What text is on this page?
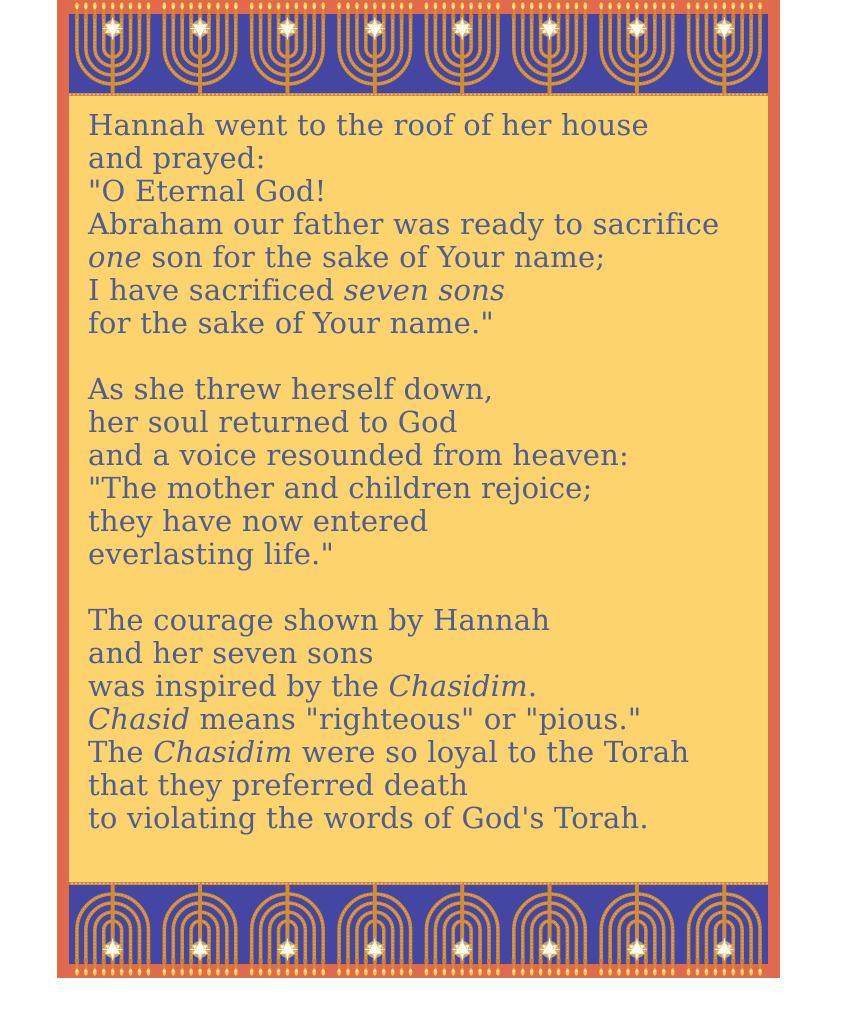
Hannah went to the roof of her house
and prayed:
"O Eternal God!
Abraham our father was ready to sacrifice
one son for the sake of Your name;
I have sacrificed seven sons
for the sake of Your name."

As she threw herself down,
her soul returned to God
and a voice resounded from heaven:
"The mother and children rejoice;
they have now entered
everlasting life."

The courage shown by Hannah
and her seven sons
was inspired by the Chasidim.
Chasid means "righteous" or "pious."
The Chasidim were so loyal to the Torah
that they preferred death
to violating the words of God's Torah.
